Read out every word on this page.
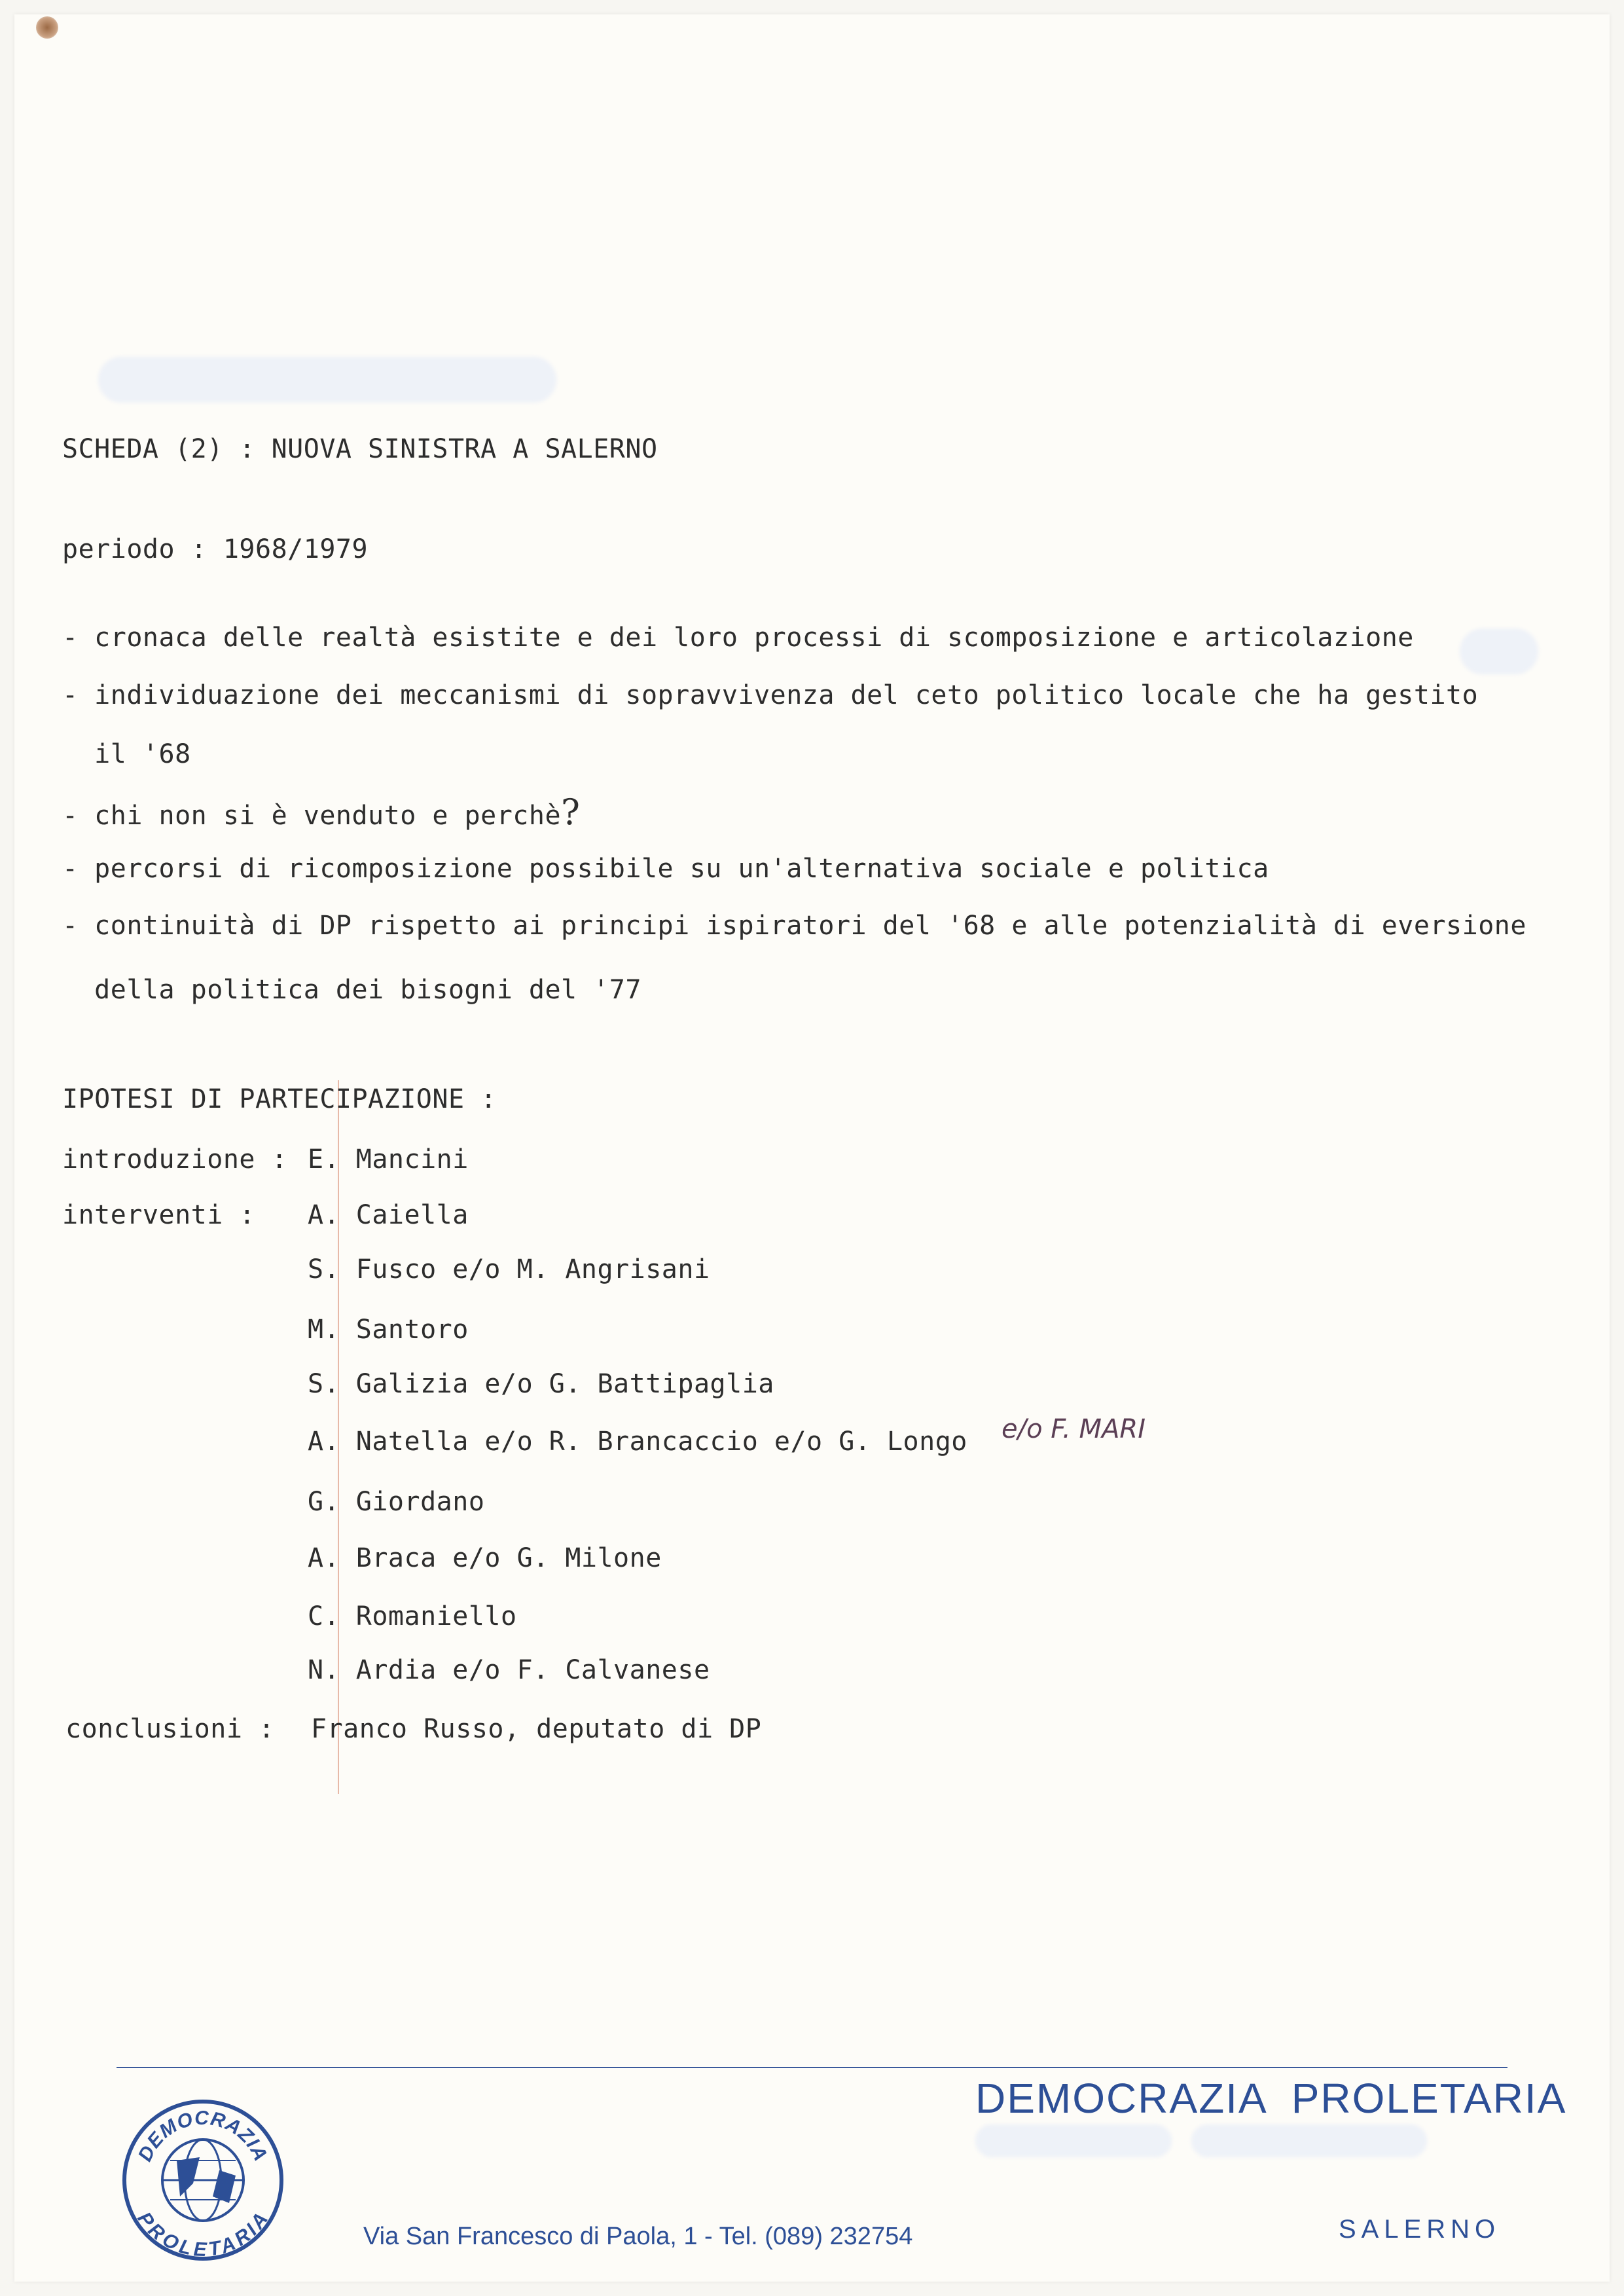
SCHEDA (2) : NUOVA SINISTRA A SALERNO
periodo : 1968/1979
- cronaca delle realtà esistite e dei loro processi di scomposizione e articolazione
- individuazione dei meccanismi di sopravvivenza del ceto politico locale che ha gestito
il '68
- chi non si è venduto e perchè?
- percorsi di ricomposizione possibile su un'alternativa sociale e politica
- continuità di DP rispetto ai principi ispiratori del '68 e alle potenzialità di eversione
della politica dei bisogni del '77
IPOTESI DI PARTECIPAZIONE :
introduzione : E. Mancini
interventi : A. Caiella
S. Fusco e/o M. Angrisani
M. Santoro
S. Galizia e/o G. Battipaglia
A. Natella e/o R. Brancaccio e/o G. Longo e/o F. MARI
G. Giordano
A. Braca e/o G. Milone
C. Romaniello
N. Ardia e/o F. Calvanese
conclusioni : Franco Russo, deputato di DP
DEMOCRAZIA  PROLETARIA
DEMOCRAZIA
PROLETARIA
Via San Francesco di Paola, 1 - Tel. (089) 232754	SALERNO
